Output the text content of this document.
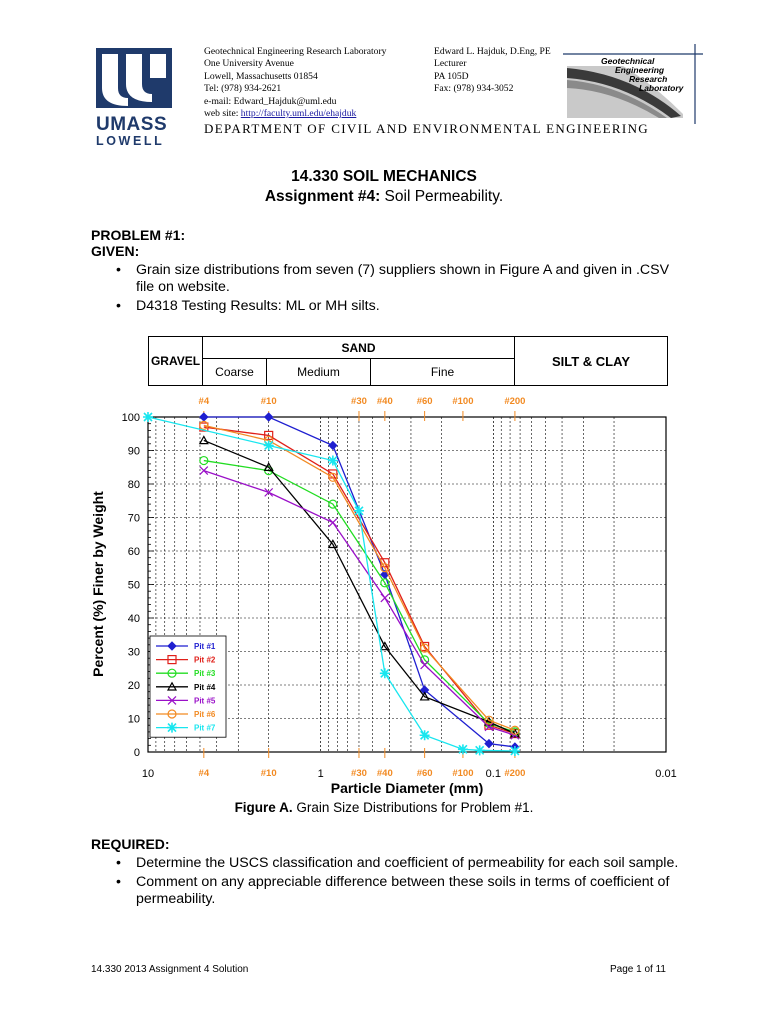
UMASS
LOWELL
Geotechnical Engineering Research Laboratory
One University Avenue
Lowell, Massachusetts 01854
Tel: (978) 934-2621
e-mail: Edward_Hajduk@uml.edu
web site: http://faculty.uml.edu/ehajduk
Edward L. Hajduk, D.Eng, PE
Lecturer
PA 105D
Fax: (978) 934-3052
DEPARTMENT OF CIVIL AND ENVIRONMENTAL ENGINEERING
Geotechnical
Engineering
Research
Laboratory
14.330 SOIL MECHANICS
Assignment #4: Soil Permeability.
PROBLEM #1:
GIVEN:
• Grain size distributions from seven (7) suppliers shown in Figure A and given in .CSV file on website.
• D4318 Testing Results: ML or MH silts.
GRAVEL
SAND
Coarse	Medium	Fine
SILT & CLAY
0
10
20
30
40
50
60
70
80
90
100
10	1	0.1	0.01
#4
#4
#10
#10
#30
#30
#40
#40
#60
#60
#100
#100
#200
#200
Pit #1
Pit #2
Pit #3
Pit #4
Pit #5
Pit #6
Pit #7
Percent (%) Finer by Weight
Particle Diameter (mm)
Figure A. Grain Size Distributions for Problem #1.
REQUIRED:
• Determine the USCS classification and coefficient of permeability for each soil sample.
• Comment on any appreciable difference between these soils in terms of coefficient of permeability.
14.330 2013 Assignment 4 Solution	Page 1 of 11
